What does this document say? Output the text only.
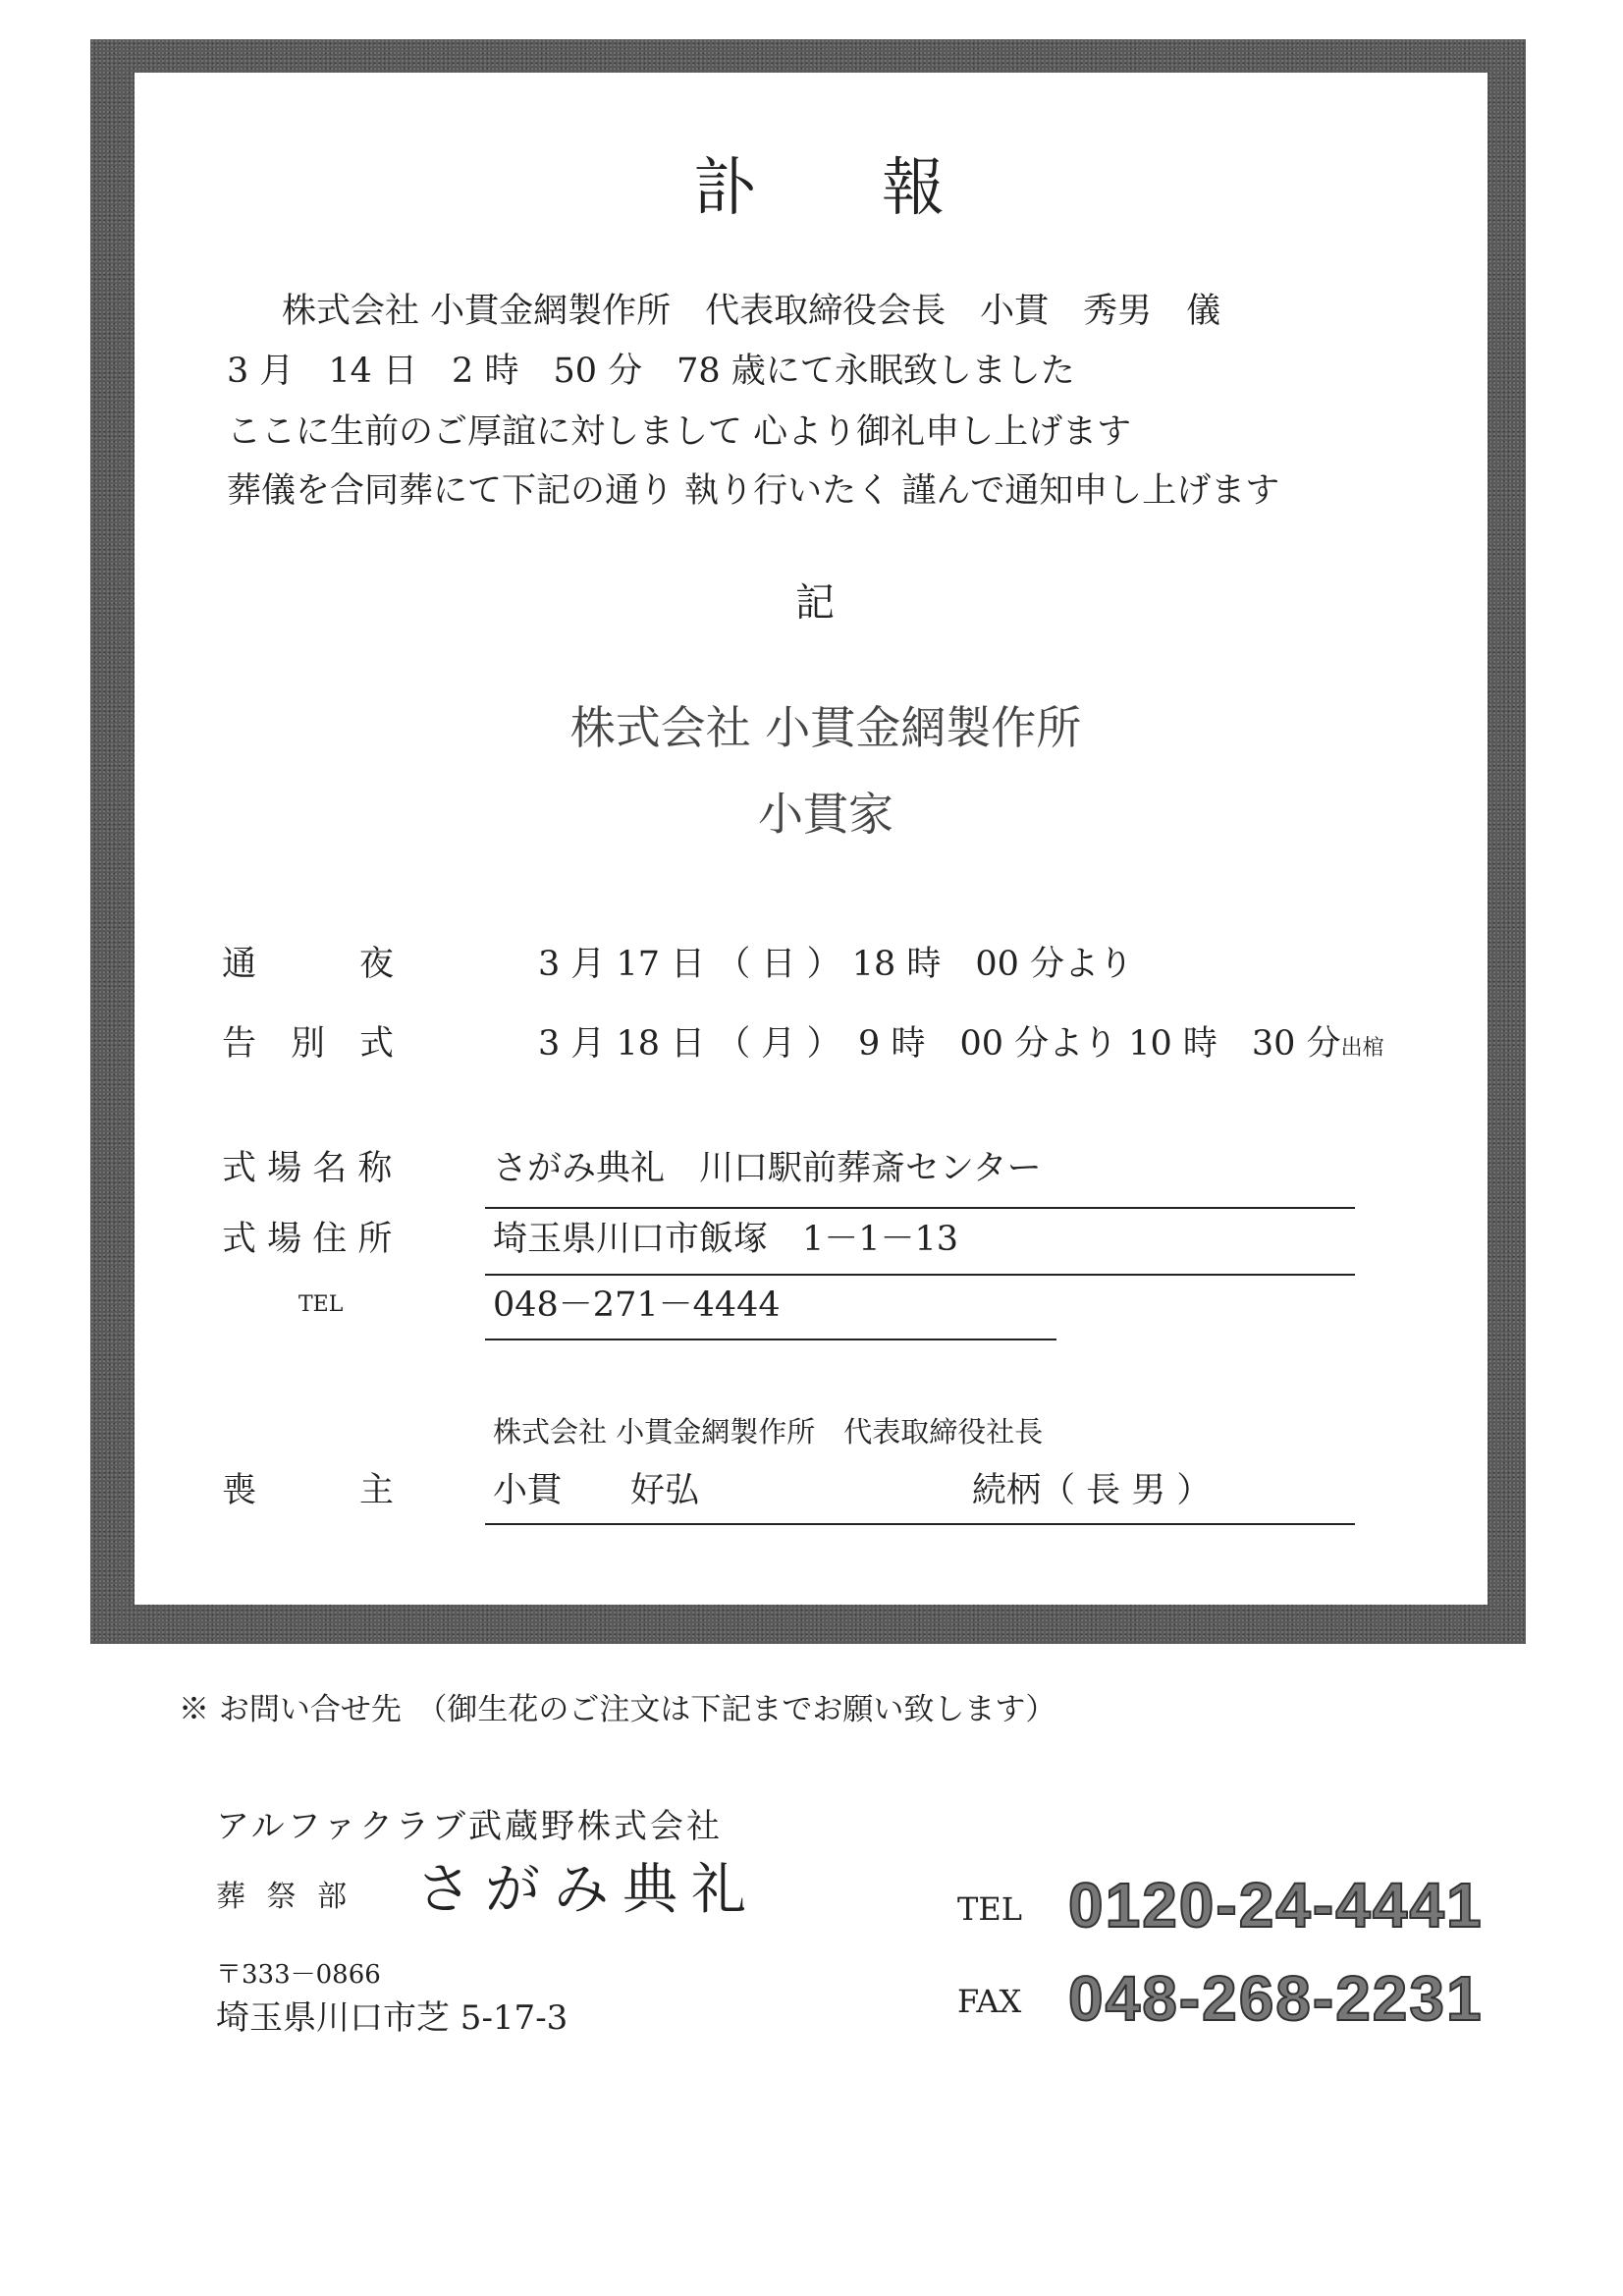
訃　　報
株式会社 小貫金網製作所　代表取締役会長　小貫　秀男　儀
3 月　14 日　2 時　50 分　78 歳にて永眠致しました
ここに生前のご厚誼に対しまして 心より御礼申し上げます
葬儀を合同葬にて下記の通り 執り行いたく 謹んで通知申し上げます
記
株式会社 小貫金網製作所
小貫家
通　　　夜	3 月 17 日 （ 日 ） 18 時　00 分より
告　別　式	3 月 18 日 （ 月 ）　9 時　00 分より 10 時　30 分出棺
式 場 名 称	さがみ典礼　川口駅前葬斎センター
式 場 住 所	埼玉県川口市飯塚　1－1－13
TEL	048－271－4444
株式会社 小貫金網製作所　代表取締役社長
喪　　　主	小貫　　好弘	続柄（ 長 男 ）
※ お問い合せ先　（御生花のご注文は下記までお願い致します）
アルファクラブ武蔵野株式会社
葬 祭 部 さがみ典礼
〒333－0866
埼玉県川口市芝 5-17-3
TEL 0120-24-4441
FAX 048-268-2231
